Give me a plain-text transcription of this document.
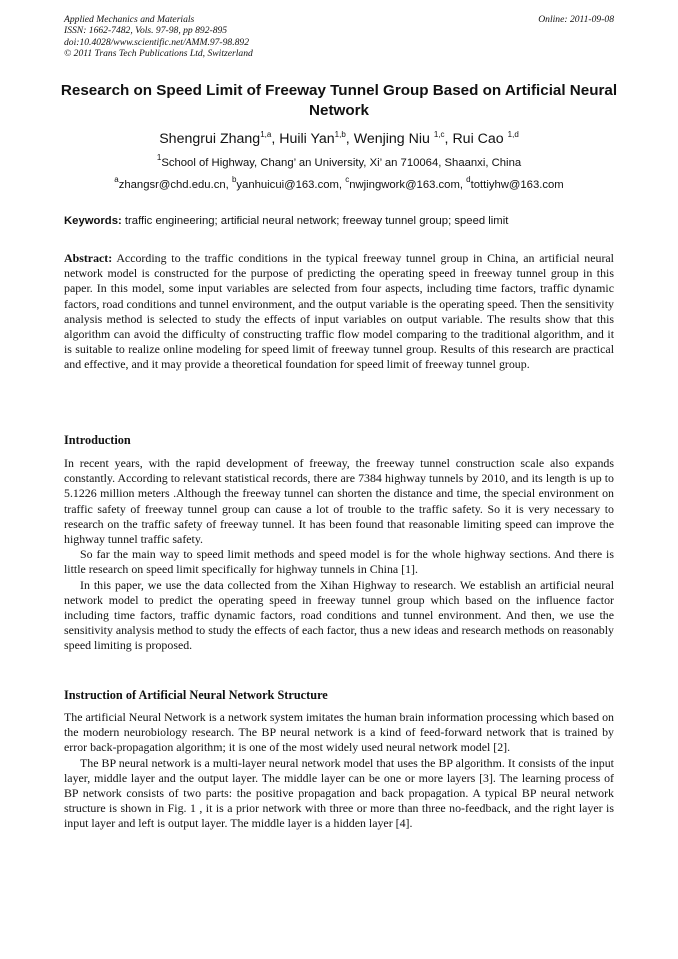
Applied Mechanics and Materials
ISSN: 1662-7482, Vols. 97-98, pp 892-895
doi:10.4028/www.scientific.net/AMM.97-98.892
© 2011 Trans Tech Publications Ltd, Switzerland
Online: 2011-09-08
Research on Speed Limit of Freeway Tunnel Group Based on Artificial Neural Network
Shengrui Zhang$^{1,a}$, Huili Yan$^{1,b}$, Wenjing Niu $^{1,c}$, Rui Cao $^{1,d}$
$^1$School of Highway, Chang’ an University, Xi’ an 710064, Shaanxi, China
$^a$zhangsr@chd.edu.cn, $^b$yanhuicui@163.com, $^c$nwjingwork@163.com, $^d$tottiyhw@163.com
Keywords: traffic engineering; artificial neural network; freeway tunnel group; speed limit

Abstract: According to the traffic conditions in the typical freeway tunnel group in China, an artificial neural network model is constructed for the purpose of predicting the operating speed in freeway tunnel group in this paper. In this model, some input variables are selected from four aspects, including time factors, traffic dynamic factors, road conditions and tunnel environment, and the output variable is the operating speed. Then the sensitivity analysis method is selected to study the effects of input variables on output variable. The results show that this algorithm can avoid the difficulty of constructing traffic flow model comparing to the traditional algorithm, and it is suitable to realize online modeling for speed limit of freeway tunnel group. Results of this research are practical and effective, and it may provide a theoretical foundation for speed limit of freeway tunnel group.

Introduction

In recent years, with the rapid development of freeway, the freeway tunnel construction scale also expands constantly. According to relevant statistical records, there are 7384 highway tunnels by 2010, and its length is up to 5.1226 million meters .Although the freeway tunnel can shorten the distance and time, the special environment on traffic safety of freeway tunnel group can cause a lot of trouble to the traffic safety. So it is very necessary to research on the traffic safety of freeway tunnel. It has been found that reasonable limiting speed can improve the highway tunnel traffic safety.

So far the main way to speed limit methods and speed model is for the whole highway sections. And there is little research on speed limit specifically for highway tunnels in China [1].

In this paper, we use the data collected from the Xihan Highway to research. We establish an artificial neural network model to predict the operating speed in freeway tunnel group which based on the influence factor including time factors, traffic dynamic factors, road conditions and tunnel environment. And then, we use the sensitivity analysis method to study the effects of each factor, thus a new ideas and research methods on reasonably speed limiting is proposed.

Instruction of Artificial Neural Network Structure

The artificial Neural Network is a network system imitates the human brain information processing which based on the modern neurobiology research. The BP neural network is a kind of feed-forward network that is trained by error back-propagation algorithm; it is one of the most widely used neural network model [2].

The BP neural network is a multi-layer neural network model that uses the BP algorithm. It consists of the input layer, middle layer and the output layer. The middle layer can be one or more layers [3]. The learning process of BP network consists of two parts: the positive propagation and back propagation. A typical BP neural network structure is shown in Fig. 1 , it is a prior network with three or more than three no-feedback, and the right layer is input layer and left is output layer. The middle layer is a hidden layer [4].
